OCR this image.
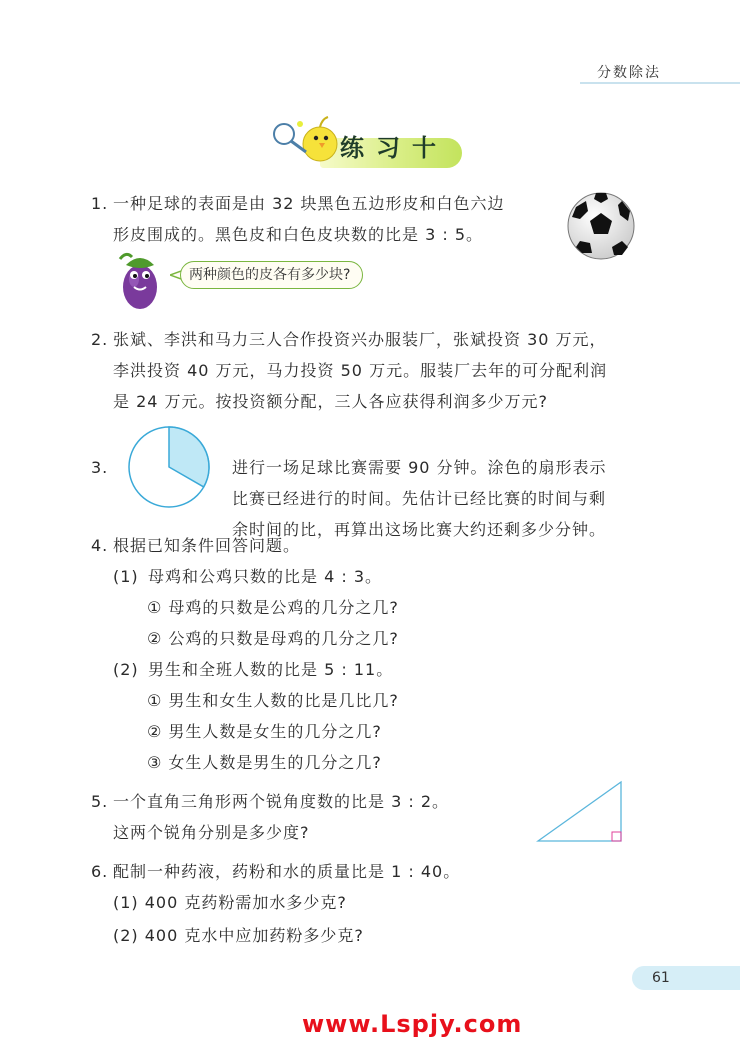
分数除法
练习十
1. 一种足球的表面是由 32 块黑色五边形皮和白色六边
形皮围成的。黑色皮和白色皮块数的比是 3 : 5。
两种颜色的皮各有多少块?
2. 张斌、李洪和马力三人合作投资兴办服装厂，张斌投资 30 万元，
李洪投资 40 万元，马力投资 50 万元。服装厂去年的可分配利润
是 24 万元。按投资额分配，三人各应获得利润多少万元?
3.	进行一场足球比赛需要 90 分钟。涂色的扇形表示
比赛已经进行的时间。先估计已经比赛的时间与剩
余时间的比，再算出这场比赛大约还剩多少分钟。
4. 根据已知条件回答问题。
(1) 母鸡和公鸡只数的比是 4 : 3。
① 母鸡的只数是公鸡的几分之几?
② 公鸡的只数是母鸡的几分之几?
(2) 男生和全班人数的比是 5 : 11。
① 男生和女生人数的比是几比几?
② 男生人数是女生的几分之几?
③ 女生人数是男生的几分之几?
5. 一个直角三角形两个锐角度数的比是 3 : 2。
这两个锐角分别是多少度?
6. 配制一种药液，药粉和水的质量比是 1 : 40。
(1) 400 克药粉需加水多少克?
(2) 400 克水中应加药粉多少克?
61
www.Lspjy.com
